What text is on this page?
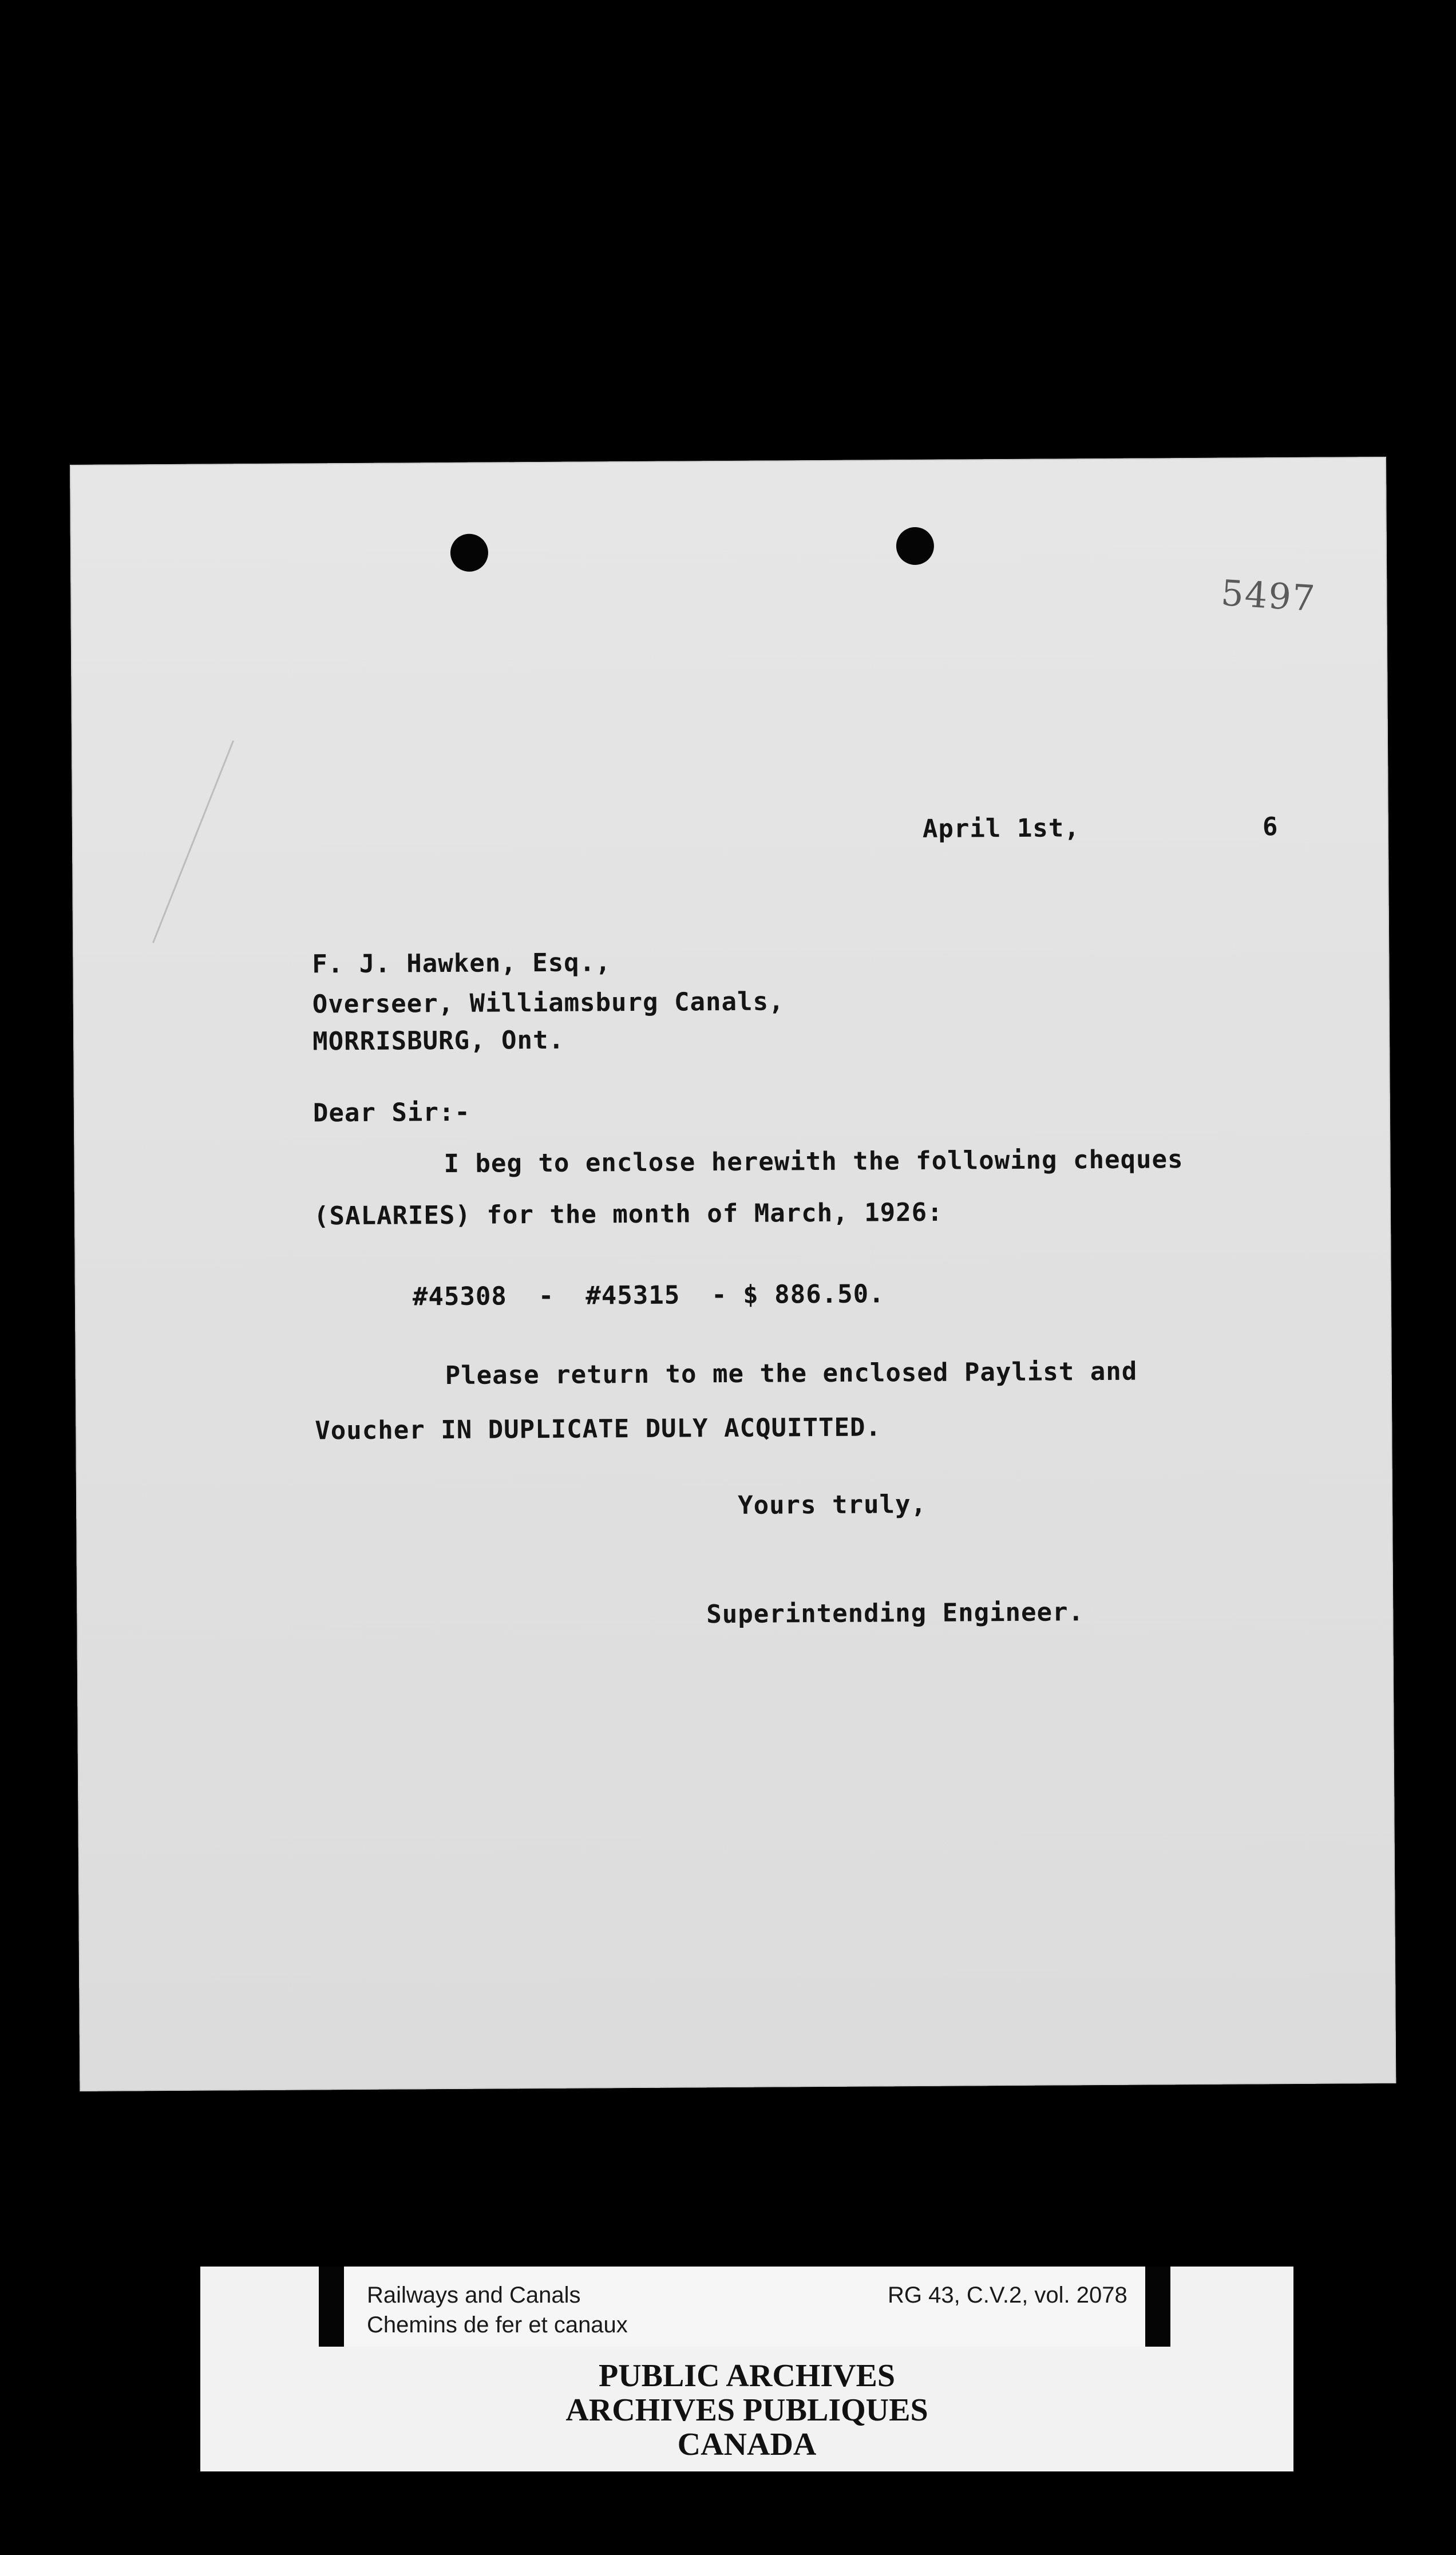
5497
April 1st,	6
F. J. Hawken, Esq.,
Overseer, Williamsburg Canals,
MORRISBURG, Ont.
Dear Sir:-
I beg to enclose herewith the following cheques
(SALARIES) for the month of March, 1926:
#45308  -  #45315  - $ 886.50.
Please return to me the enclosed Paylist and
Voucher IN DUPLICATE DULY ACQUITTED.
Yours truly,
Superintending Engineer.
Railways and Canals
Chemins de fer et canaux
RG 43, C.V.2, vol. 2078
PUBLIC ARCHIVES
ARCHIVES PUBLIQUES
CANADA
